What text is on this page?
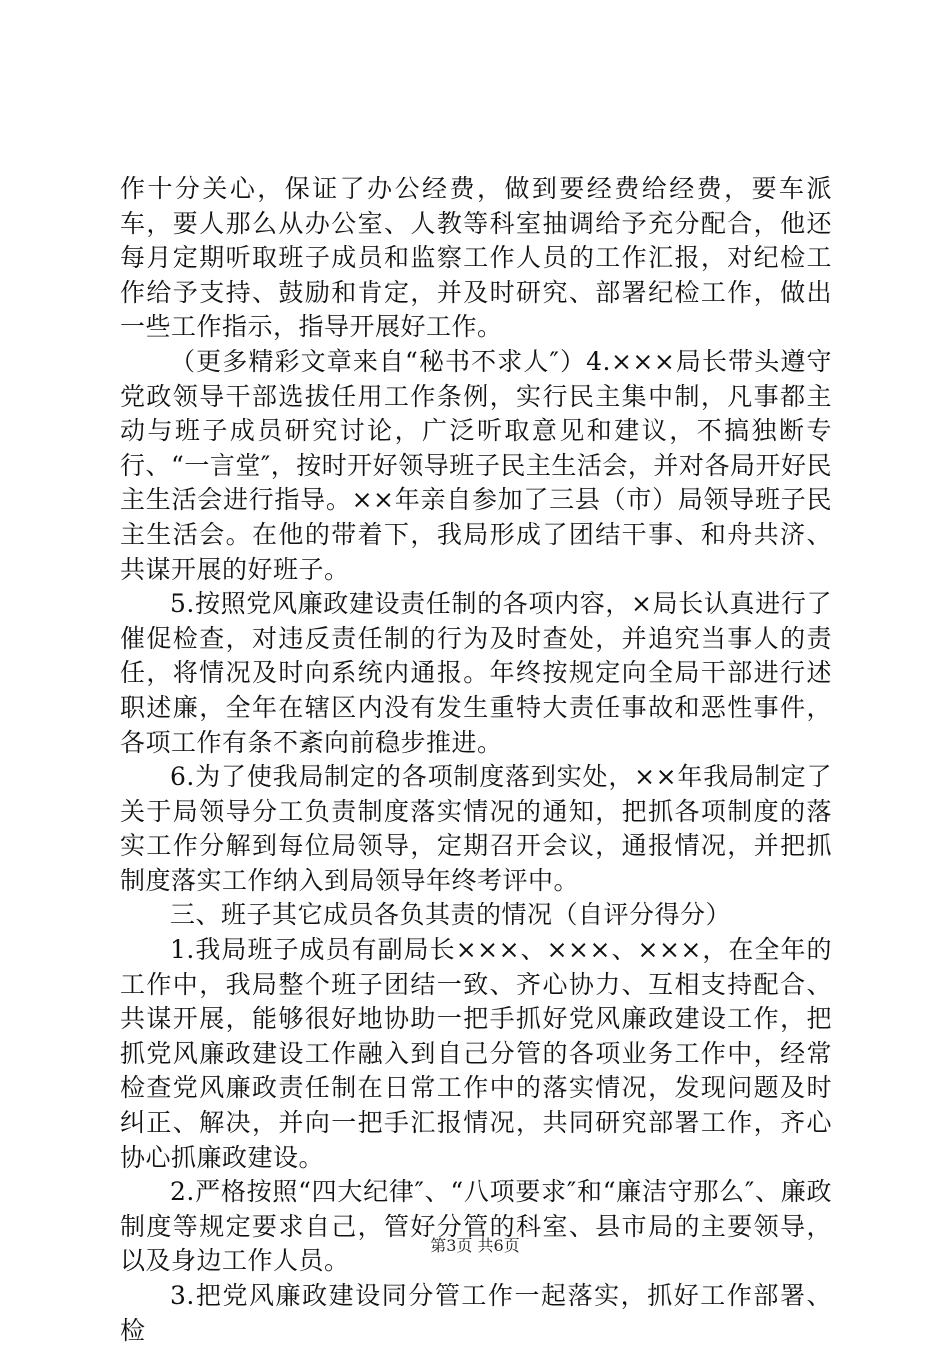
作十分关心，保证了办公经费，做到要经费给经费，要车派车，要人那么从办公室、人教等科室抽调给予充分配合，他还每月定期听取班子成员和监察工作人员的工作汇报，对纪检工作给予支持、鼓励和肯定，并及时研究、部署纪检工作，做出一些工作指示，指导开展好工作。

（更多精彩文章来自“秘书不求人″）4.×××局长带头遵守党政领导干部选拔任用工作条例，实行民主集中制，凡事都主动与班子成员研究讨论，广泛听取意见和建议，不搞独断专行、“一言堂″，按时开好领导班子民主生活会，并对各局开好民主生活会进行指导。××年亲自参加了三县（市）局领导班子民主生活会。在他的带着下，我局形成了团结干事、和舟共济、共谋开展的好班子。

5.按照党风廉政建设责任制的各项内容，×局长认真进行了催促检查，对违反责任制的行为及时查处，并追究当事人的责任，将情况及时向系统内通报。年终按规定向全局干部进行述职述廉，全年在辖区内没有发生重特大责任事故和恶性事件，各项工作有条不紊向前稳步推进。

6.为了使我局制定的各项制度落到实处，××年我局制定了关于局领导分工负责制度落实情况的通知，把抓各项制度的落实工作分解到每位局领导，定期召开会议，通报情况，并把抓制度落实工作纳入到局领导年终考评中。

三、班子其它成员各负其责的情况（自评分得分）

1.我局班子成员有副局长×××、×××、×××，在全年的工作中，我局整个班子团结一致、齐心协力、互相支持配合、共谋开展，能够很好地协助一把手抓好党风廉政建设工作，把抓党风廉政建设工作融入到自己分管的各项业务工作中，经常检查党风廉政责任制在日常工作中的落实情况，发现问题及时纠正、解决，并向一把手汇报情况，共同研究部署工作，齐心协心抓廉政建设。

2.严格按照“四大纪律″、“八项要求″和“廉洁守那么″、廉政制度等规定要求自己，管好分管的科室、县市局的主要领导，以及身边工作人员。

3.把党风廉政建设同分管工作一起落实，抓好工作部署、检

第3页 共6页
